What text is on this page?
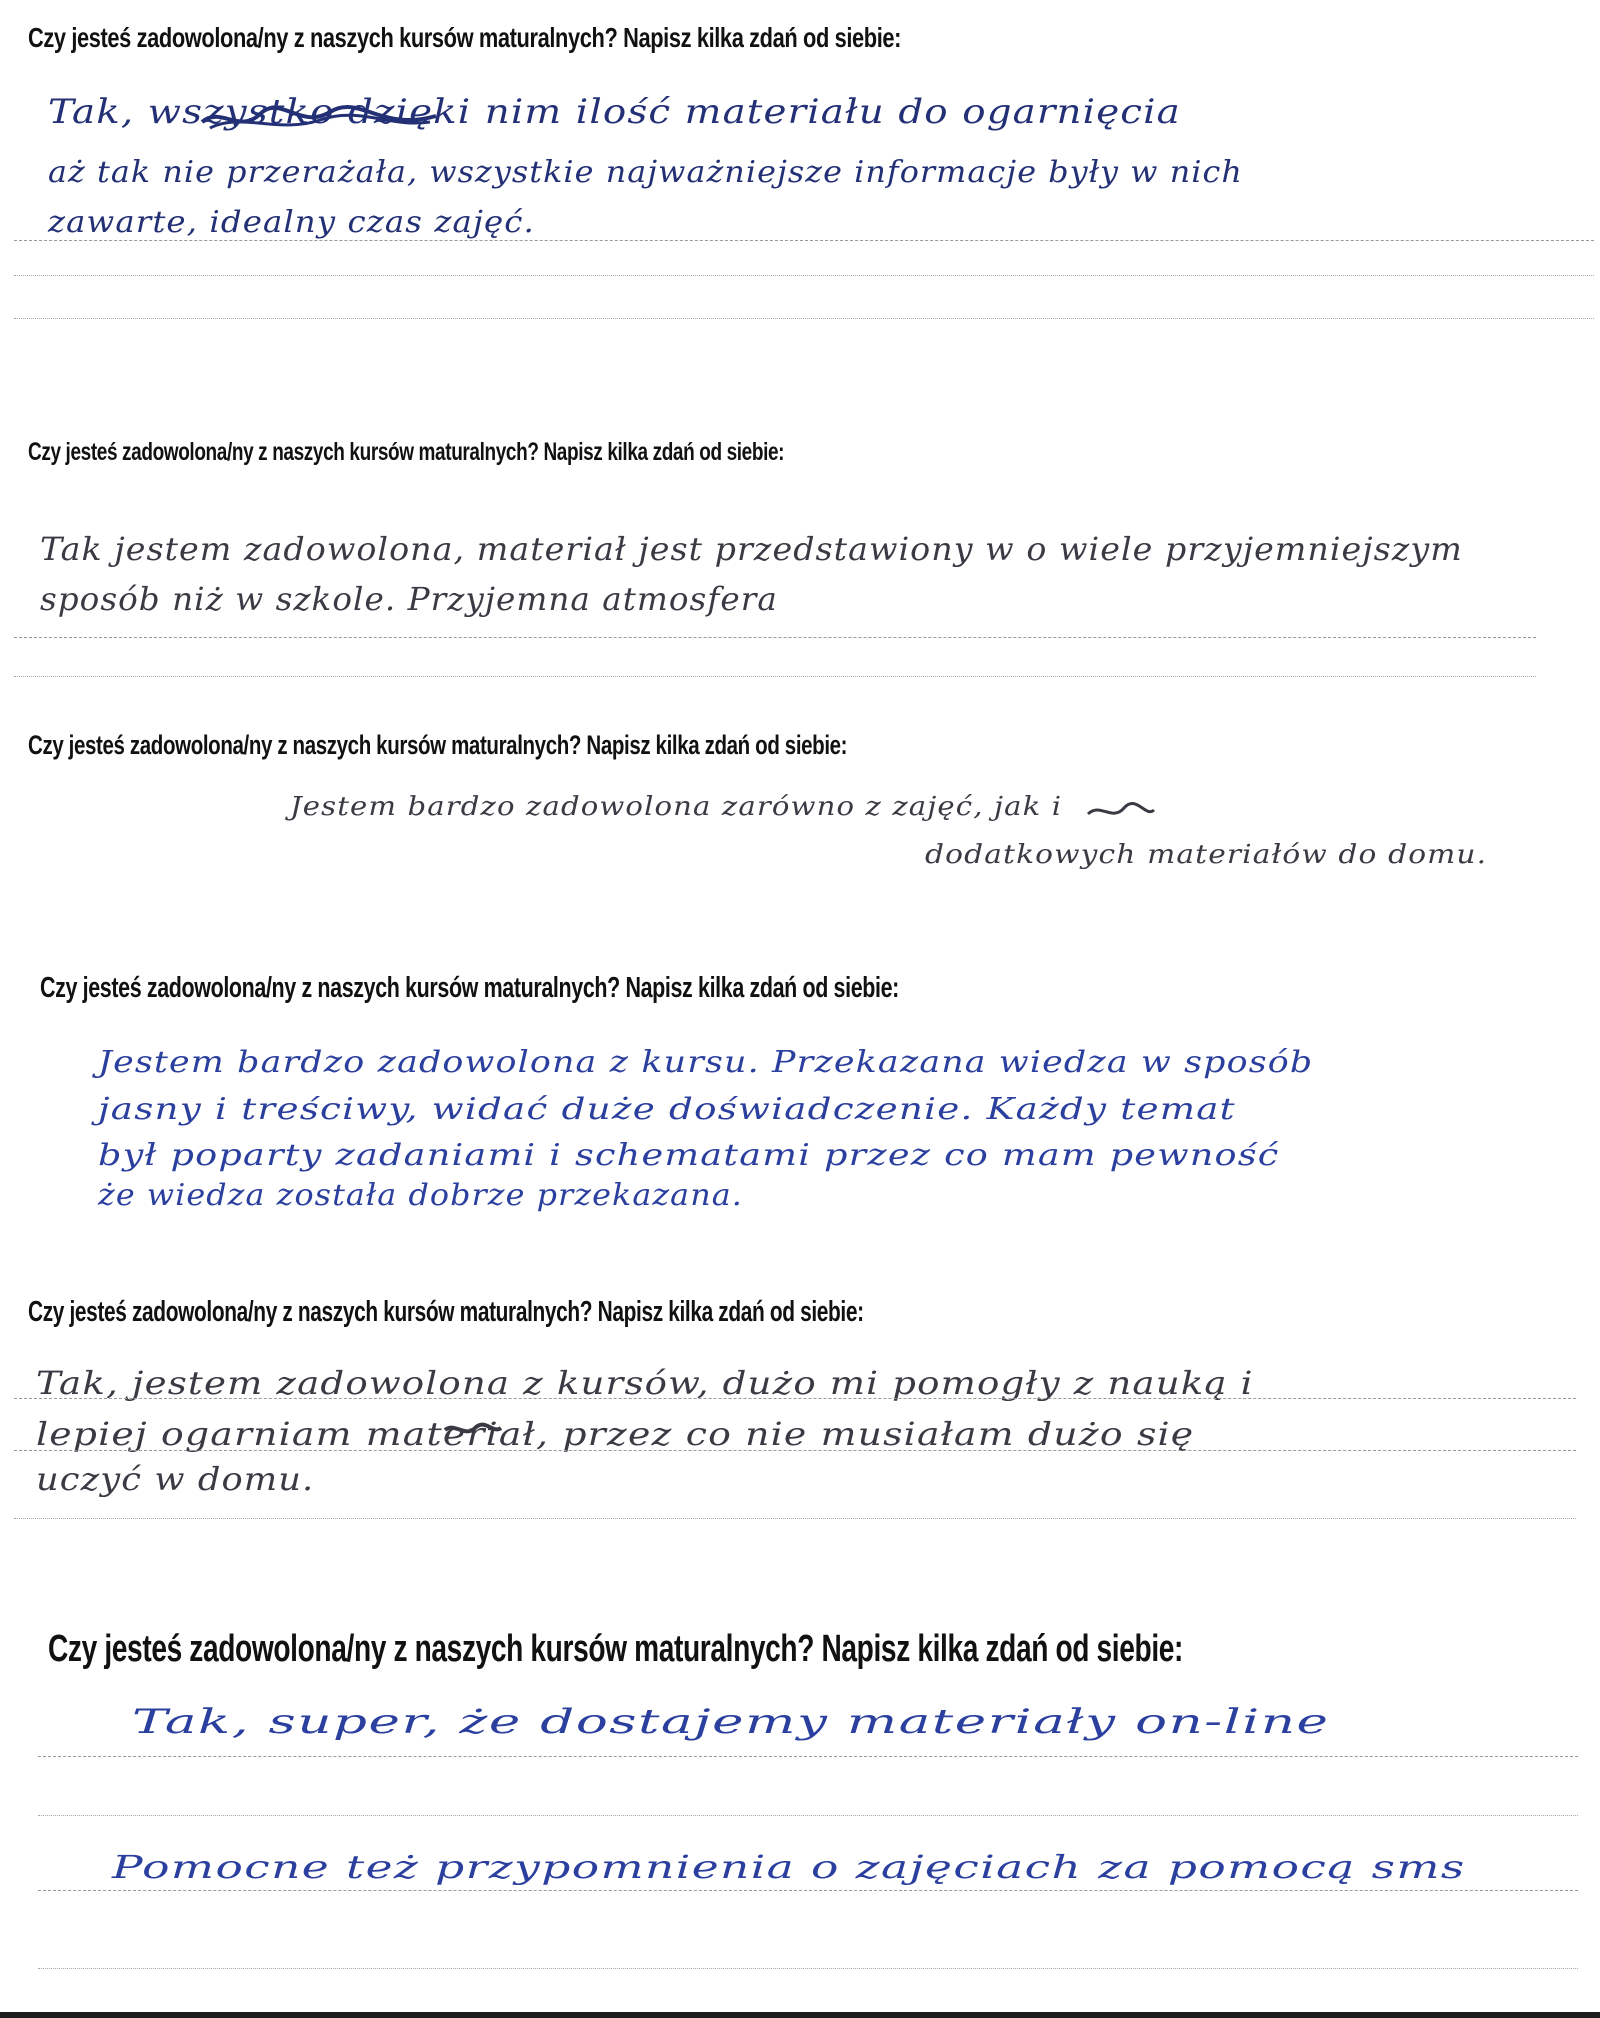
Czy jesteś zadowolona/ny z naszych kursów maturalnych? Napisz kilka zdań od siebie:
Tak, wszystko dzięki nim ilość materiału do ogarnięcia
aż tak nie przerażała, wszystkie najważniejsze informacje były w nich
zawarte, idealny czas zajęć.
Czy jesteś zadowolona/ny z naszych kursów maturalnych? Napisz kilka zdań od siebie:
Tak jestem zadowolona, materiał jest przedstawiony w o wiele przyjemniejszym
sposób niż w szkole. Przyjemna atmosfera
Czy jesteś zadowolona/ny z naszych kursów maturalnych? Napisz kilka zdań od siebie:
Jestem bardzo zadowolona zarówno z zajęć, jak i
dodatkowych materiałów do domu.
Czy jesteś zadowolona/ny z naszych kursów maturalnych? Napisz kilka zdań od siebie:
Jestem bardzo zadowolona z kursu. Przekazana wiedza w sposób
jasny i treściwy, widać duże doświadczenie. Każdy temat
był poparty zadaniami i schematami przez co mam pewność
że wiedza została dobrze przekazana.
Czy jesteś zadowolona/ny z naszych kursów maturalnych? Napisz kilka zdań od siebie:
Tak, jestem zadowolona z kursów, dużo mi pomogły z nauką i
lepiej ogarniam materiał, przez co nie musiałam dużo się
uczyć w domu.
Czy jesteś zadowolona/ny z naszych kursów maturalnych? Napisz kilka zdań od siebie:
Tak, super, że dostajemy materiały on-line
Pomocne też przypomnienia o zajęciach za pomocą sms
